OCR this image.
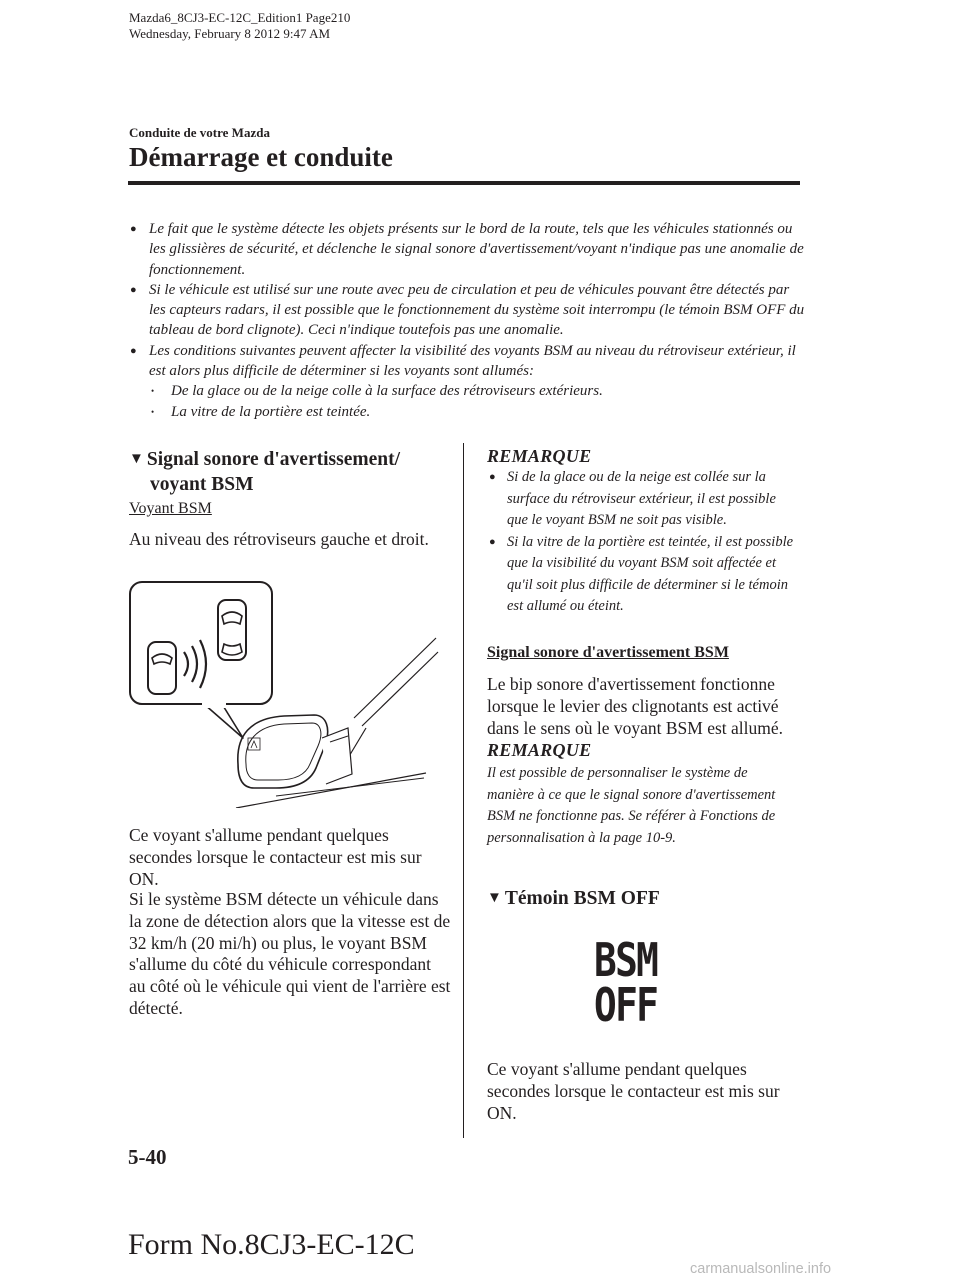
Mazda6_8CJ3-EC-12C_Edition1 Page210
Wednesday, February 8 2012 9:47 AM
Conduite de votre Mazda
Démarrage et conduite
● Le fait que le système détecte les objets présents sur le bord de la route, tels que les véhicules stationnés ou les glissières de sécurité, et déclenche le signal sonore d'avertissement/voyant n'indique pas une anomalie de fonctionnement.
● Si le véhicule est utilisé sur une route avec peu de circulation et peu de véhicules pouvant être détectés par les capteurs radars, il est possible que le fonctionnement du système soit interrompu (le témoin BSM OFF du tableau de bord clignote). Ceci n'indique toutefois pas une anomalie.
● Les conditions suivantes peuvent affecter la visibilité des voyants BSM au niveau du rétroviseur extérieur, il est alors plus difficile de déterminer si les voyants sont allumés:
• De la glace ou de la neige colle à la surface des rétroviseurs extérieurs.
• La vitre de la portière est teintée.
▼ Signal sonore d'avertissement/
voyant BSM
Voyant BSM
Au niveau des rétroviseurs gauche et droit.
Ce voyant s'allume pendant quelques secondes lorsque le contacteur est mis sur ON.
Si le système BSM détecte un véhicule dans la zone de détection alors que la vitesse est de 32 km/h (20 mi/h) ou plus, le voyant BSM s'allume du côté du véhicule correspondant au côté où le véhicule qui vient de l'arrière est détecté.
REMARQUE
● Si de la glace ou de la neige est collée sur la surface du rétroviseur extérieur, il est possible que le voyant BSM ne soit pas visible.
● Si la vitre de la portière est teintée, il est possible que la visibilité du voyant BSM soit affectée et qu'il soit plus difficile de déterminer si le témoin est allumé ou éteint.
Signal sonore d'avertissement BSM
Le bip sonore d'avertissement fonctionne lorsque le levier des clignotants est activé dans le sens où le voyant BSM est allumé.
REMARQUE
Il est possible de personnaliser le système de manière à ce que le signal sonore d'avertissement BSM ne fonctionne pas. Se référer à Fonctions de personnalisation à la page 10-9.
▼ Témoin BSM OFF
BSM
OFF
Ce voyant s'allume pendant quelques secondes lorsque le contacteur est mis sur ON.
5-40
Form No.8CJ3-EC-12C
carmanualsonline.info
